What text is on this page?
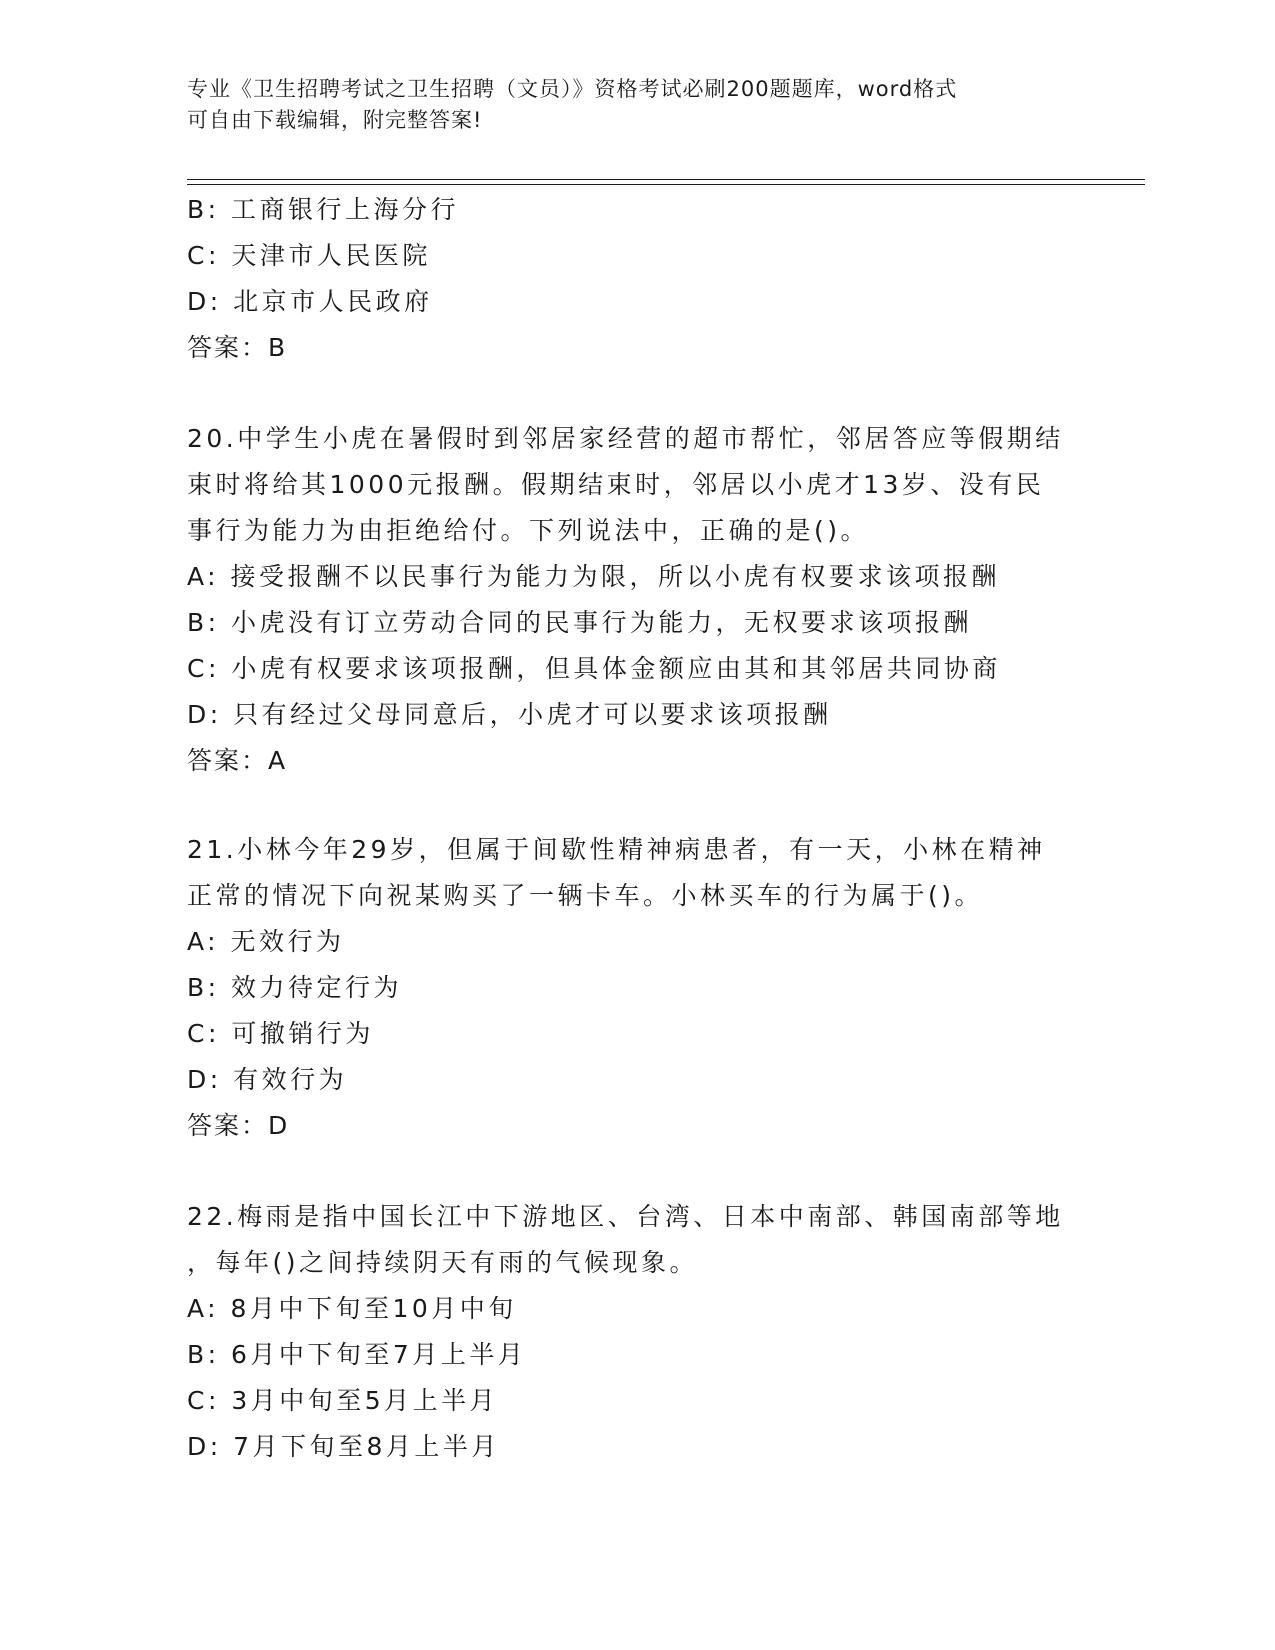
专业《卫生招聘考试之卫生招聘（文员）》资格考试必刷200题题库，word格式
可自由下载编辑，附完整答案!
B: 工商银行上海分行
C: 天津市人民医院
D: 北京市人民政府
答案：B
20.中学生小虎在暑假时到邻居家经营的超市帮忙，邻居答应等假期结
束时将给其1000元报酬。假期结束时，邻居以小虎才13岁、没有民
事行为能力为由拒绝给付。下列说法中，正确的是()。
A: 接受报酬不以民事行为能力为限，所以小虎有权要求该项报酬
B: 小虎没有订立劳动合同的民事行为能力，无权要求该项报酬
C: 小虎有权要求该项报酬，但具体金额应由其和其邻居共同协商
D: 只有经过父母同意后，小虎才可以要求该项报酬
答案：A
21.小林今年29岁，但属于间歇性精神病患者，有一天，小林在精神
正常的情况下向祝某购买了一辆卡车。小林买车的行为属于()。
A: 无效行为
B: 效力待定行为
C: 可撤销行为
D: 有效行为
答案：D
22.梅雨是指中国长江中下游地区、台湾、日本中南部、韩国南部等地
，每年()之间持续阴天有雨的气候现象。
A: 8月中下旬至10月中旬
B: 6月中下旬至7月上半月
C: 3月中旬至5月上半月
D: 7月下旬至8月上半月
